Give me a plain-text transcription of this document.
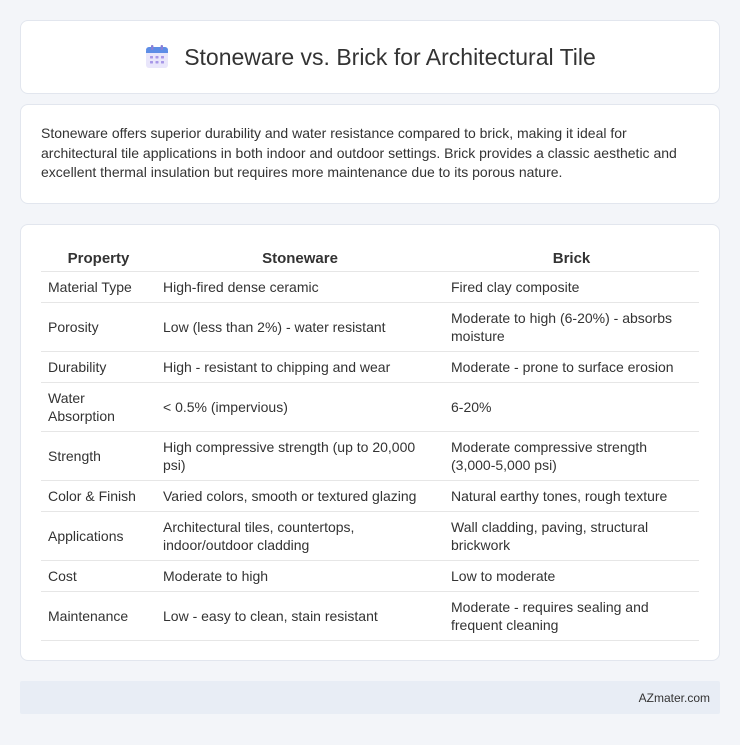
Stoneware vs. Brick for Architectural Tile

Stoneware offers superior durability and water resistance compared to brick, making it ideal for architectural tile applications in both indoor and outdoor settings. Brick provides a classic aesthetic and excellent thermal insulation but requires more maintenance due to its porous nature.

Property	Stoneware	Brick
Material Type	High-fired dense ceramic	Fired clay composite
Porosity	Low (less than 2%) - water resistant	Moderate to high (6-20%) - absorbs moisture
Durability	High - resistant to chipping and wear	Moderate - prone to surface erosion
Water Absorption	< 0.5% (impervious)	6-20%
Strength	High compressive strength (up to 20,000 psi)	Moderate compressive strength (3,000-5,000 psi)
Color & Finish	Varied colors, smooth or textured glazing	Natural earthy tones, rough texture
Applications	Architectural tiles, countertops, indoor/outdoor cladding	Wall cladding, paving, structural brickwork
Cost	Moderate to high	Low to moderate
Maintenance	Low - easy to clean, stain resistant	Moderate - requires sealing and frequent cleaning
AZmater.com
